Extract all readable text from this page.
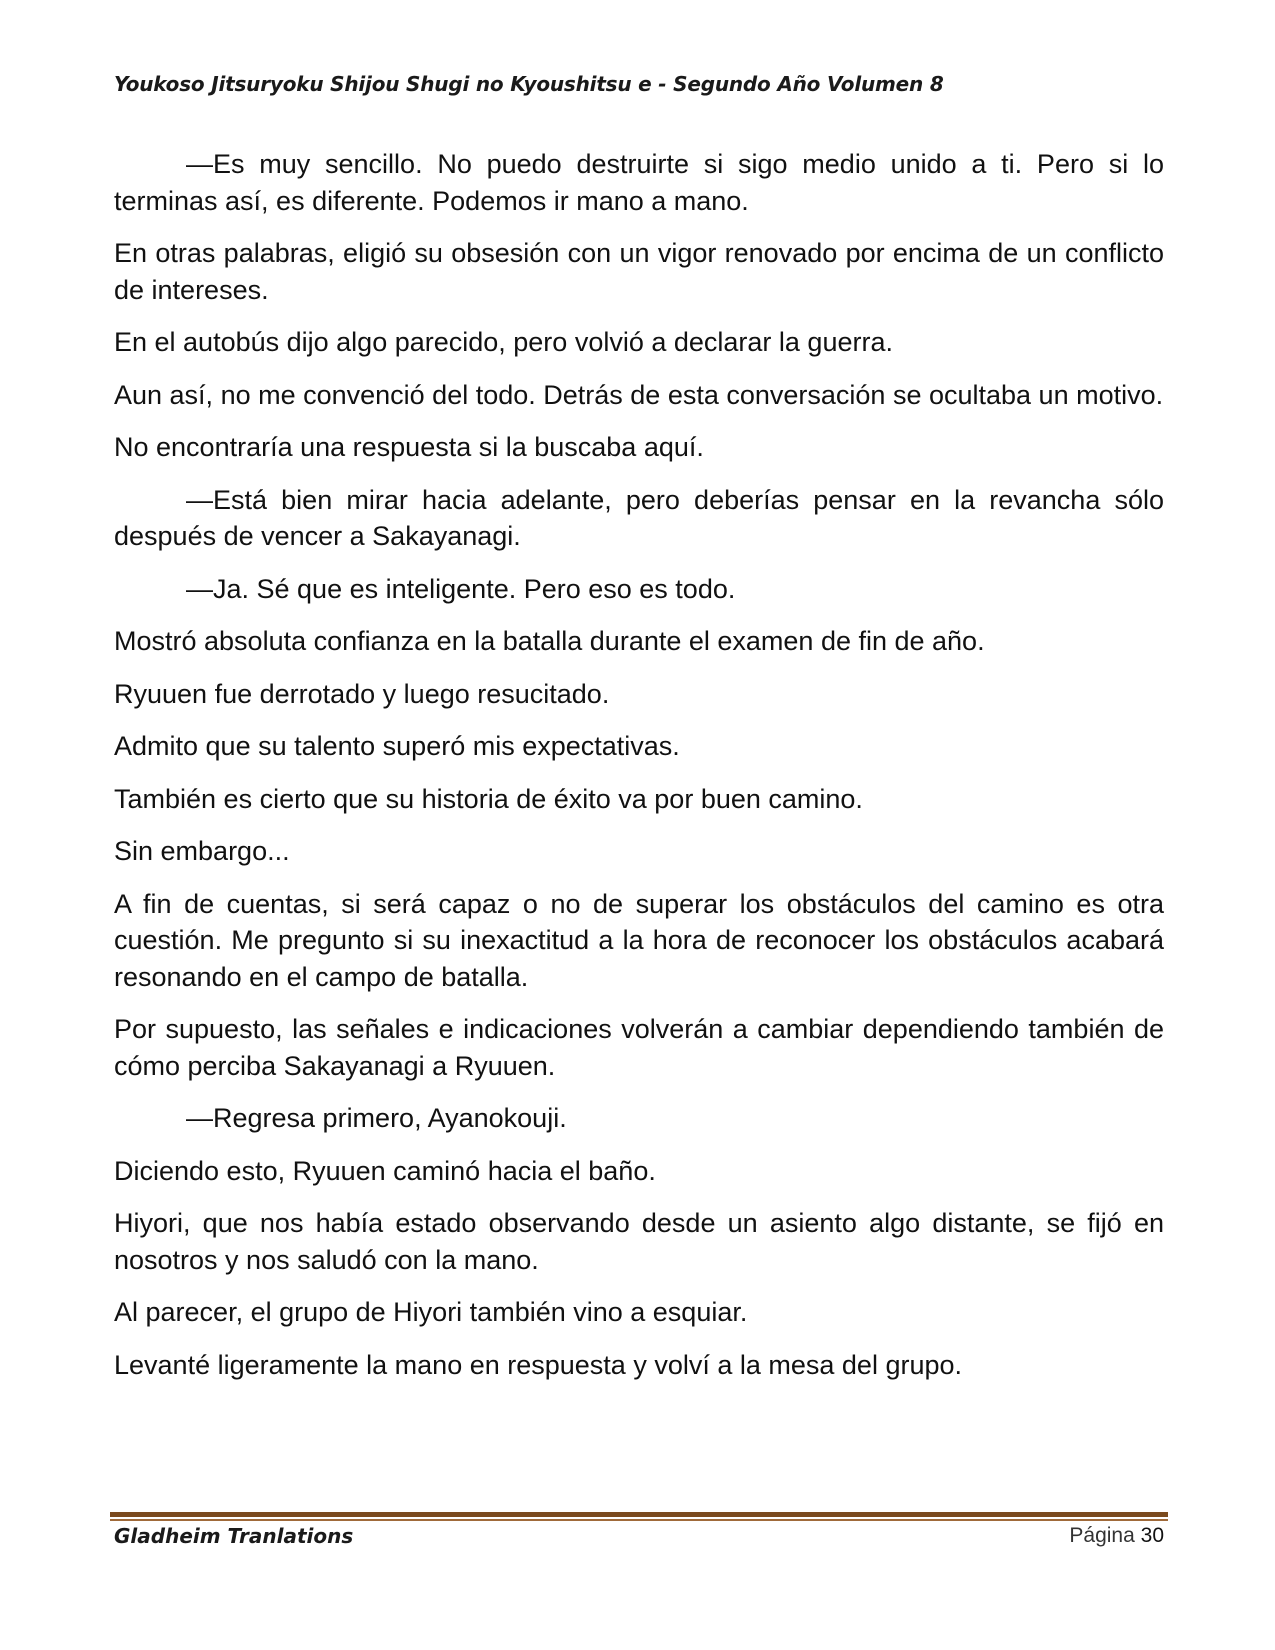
Youkoso Jitsuryoku Shijou Shugi no Kyoushitsu e - Segundo Año Volumen 8

—Es muy sencillo. No puedo destruirte si sigo medio unido a ti. Pero si lo terminas así, es diferente. Podemos ir mano a mano.

En otras palabras, eligió su obsesión con un vigor renovado por encima de un conflicto de intereses.

En el autobús dijo algo parecido, pero volvió a declarar la guerra.

Aun así, no me convenció del todo. Detrás de esta conversación se ocultaba un motivo.

No encontraría una respuesta si la buscaba aquí.

—Está bien mirar hacia adelante, pero deberías pensar en la revancha sólo después de vencer a Sakayanagi.

—Ja. Sé que es inteligente. Pero eso es todo.

Mostró absoluta confianza en la batalla durante el examen de fin de año.

Ryuuen fue derrotado y luego resucitado.

Admito que su talento superó mis expectativas.

También es cierto que su historia de éxito va por buen camino.

Sin embargo...

A fin de cuentas, si será capaz o no de superar los obstáculos del camino es otra cuestión. Me pregunto si su inexactitud a la hora de reconocer los obstáculos acabará resonando en el campo de batalla.

Por supuesto, las señales e indicaciones volverán a cambiar dependiendo también de cómo perciba Sakayanagi a Ryuuen.

—Regresa primero, Ayanokouji.

Diciendo esto, Ryuuen caminó hacia el baño.

Hiyori, que nos había estado observando desde un asiento algo distante, se fijó en nosotros y nos saludó con la mano.

Al parecer, el grupo de Hiyori también vino a esquiar.

Levanté ligeramente la mano en respuesta y volví a la mesa del grupo.

Gladheim Tranlations	Página 30
